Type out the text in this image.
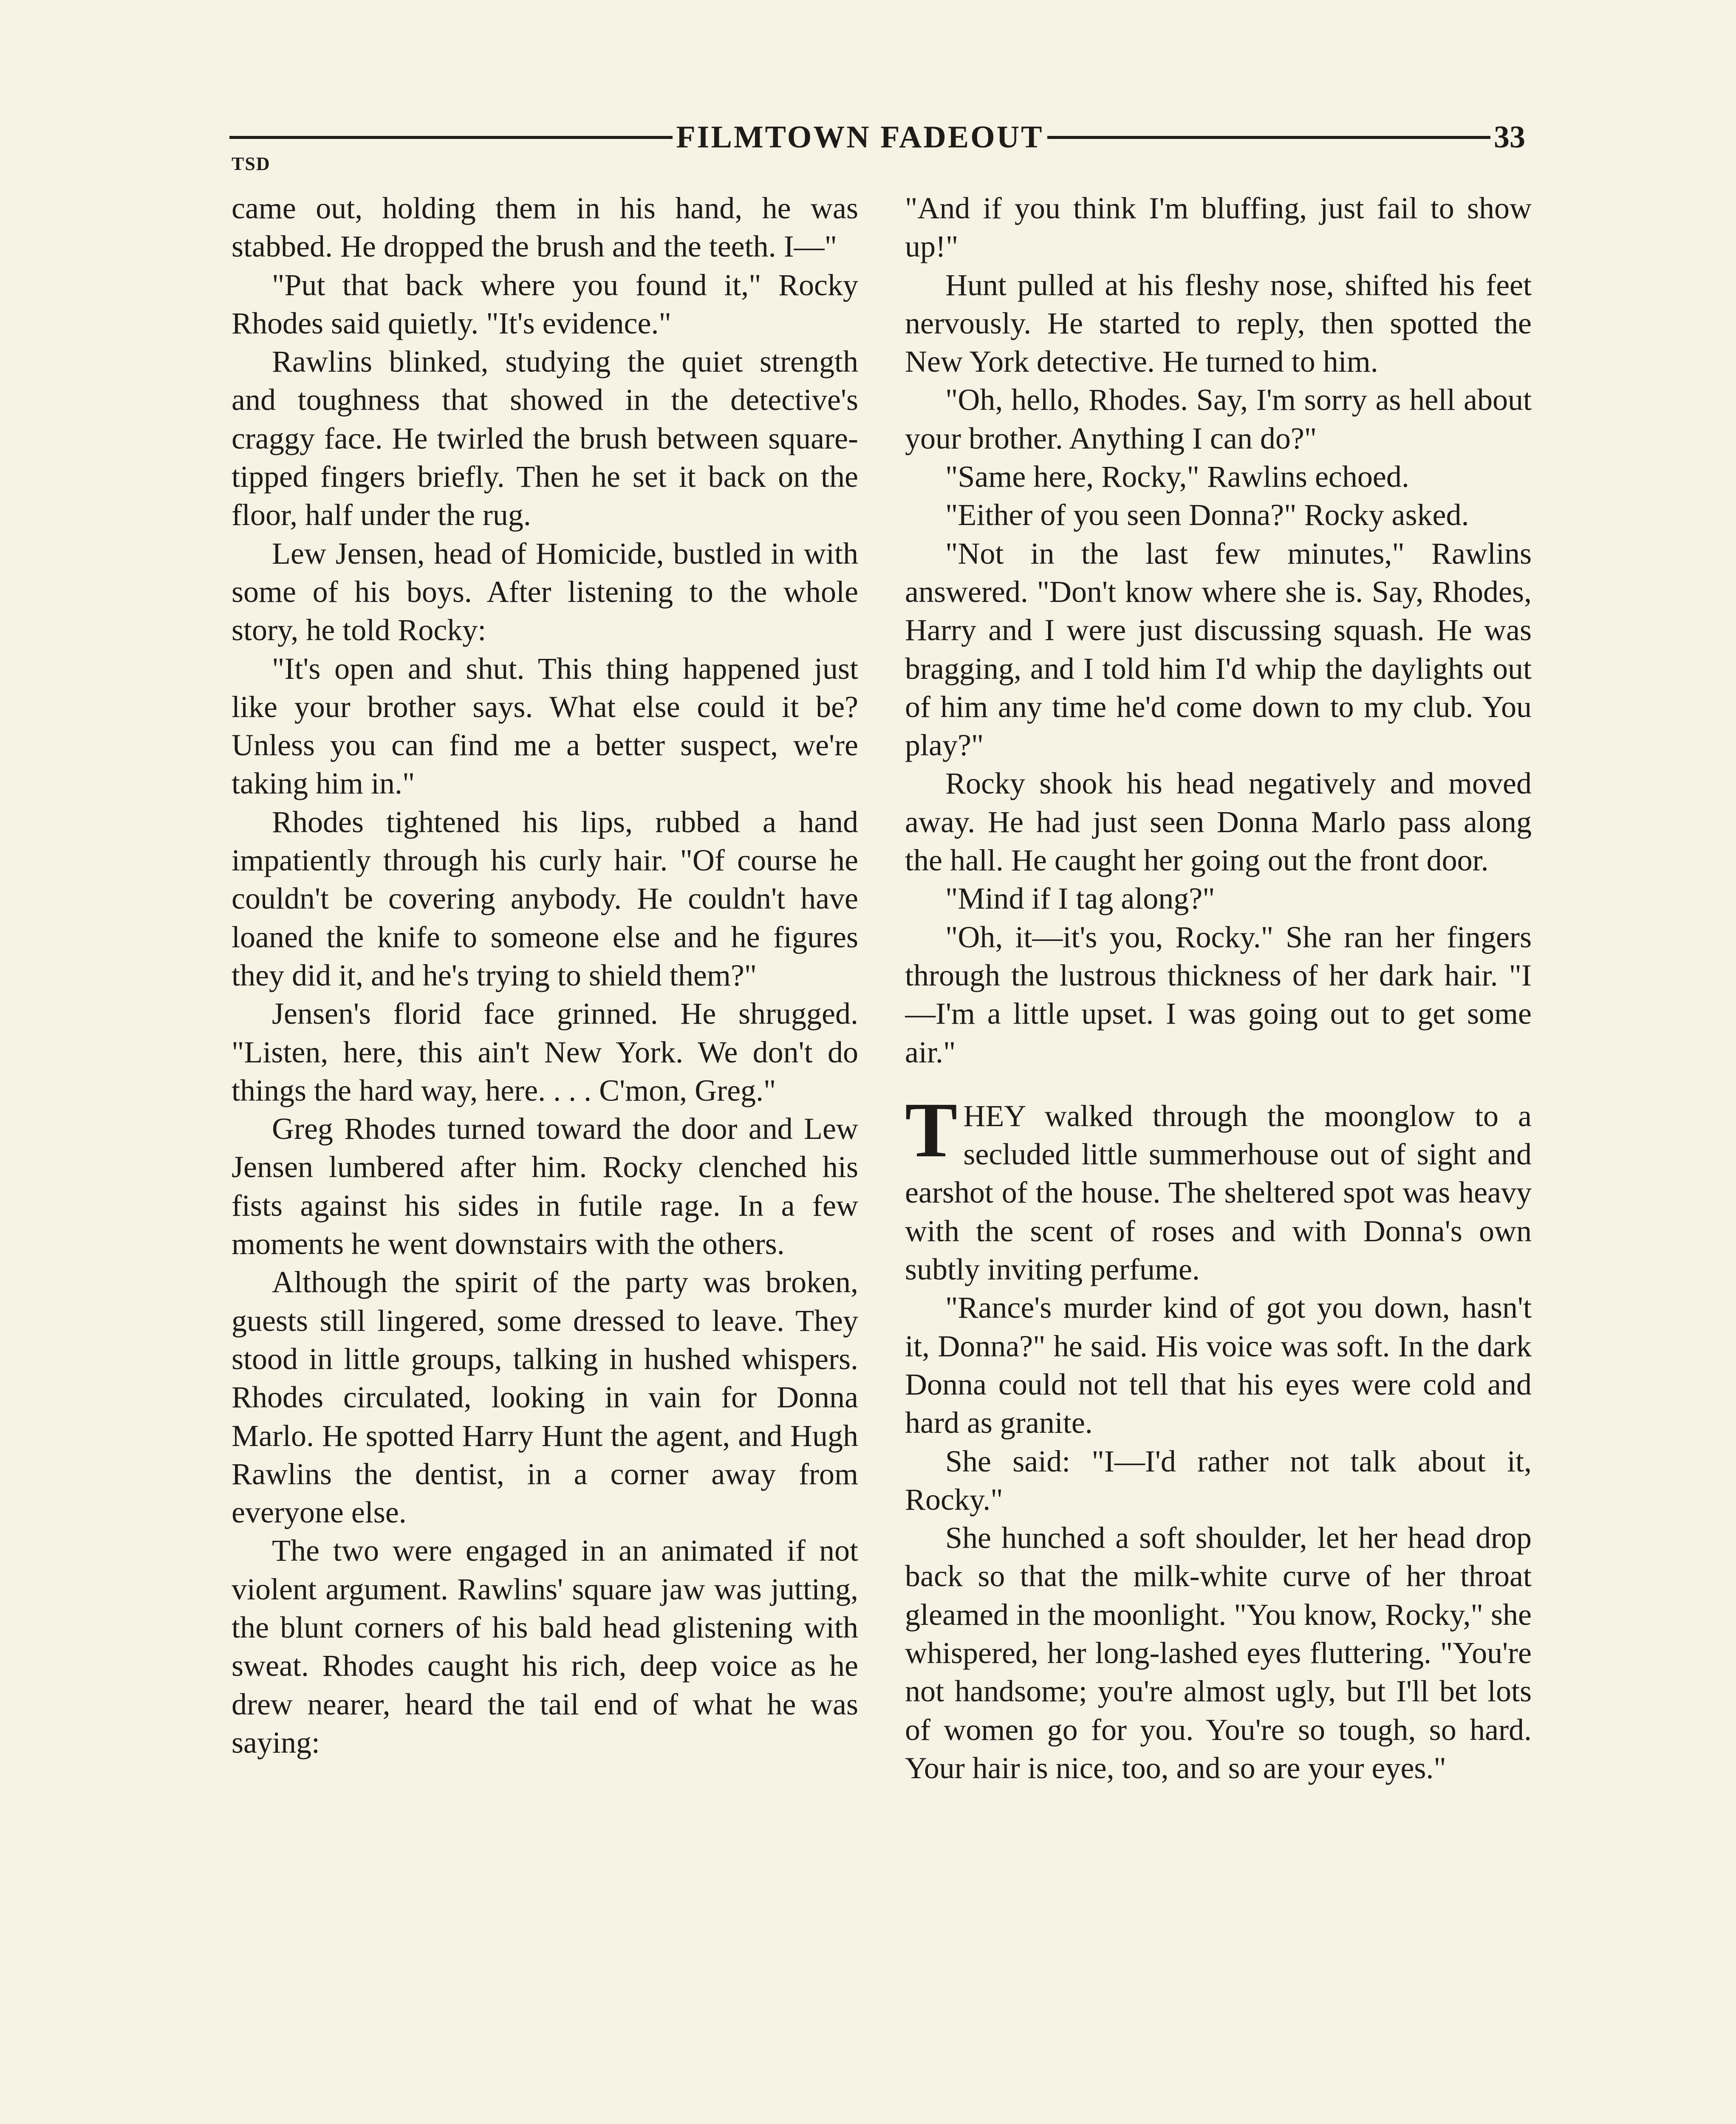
FILMTOWN FADEOUT	33
TSD

came out, holding them in his hand, he was stabbed. He dropped the brush and the teeth. I—"

"Put that back where you found it," Rocky Rhodes said quietly. "It's evidence."

Rawlins blinked, studying the quiet strength and toughness that showed in the detective's craggy face. He twirled the brush between square-tipped fingers briefly. Then he set it back on the floor, half under the rug.

Lew Jensen, head of Homicide, bustled in with some of his boys. After listening to the whole story, he told Rocky:

"It's open and shut. This thing happened just like your brother says. What else could it be? Unless you can find me a better suspect, we're taking him in."

Rhodes tightened his lips, rubbed a hand impatiently through his curly hair. "Of course he couldn't be covering anybody. He couldn't have loaned the knife to someone else and he figures they did it, and he's trying to shield them?"

Jensen's florid face grinned. He shrugged. "Listen, here, this ain't New York. We don't do things the hard way, here. . . . C'mon, Greg."

Greg Rhodes turned toward the door and Lew Jensen lumbered after him. Rocky clenched his fists against his sides in futile rage. In a few moments he went downstairs with the others.

Although the spirit of the party was broken, guests still lingered, some dressed to leave. They stood in little groups, talking in hushed whispers. Rhodes circulated, looking in vain for Donna Marlo. He spotted Harry Hunt the agent, and Hugh Rawlins the dentist, in a corner away from everyone else.

The two were engaged in an animated if not violent argument. Rawlins' square jaw was jutting, the blunt corners of his bald head glistening with sweat. Rhodes caught his rich, deep voice as he drew nearer, heard the tail end of what he was saying:

"And if you think I'm bluffing, just fail to show up!"

Hunt pulled at his fleshy nose, shifted his feet nervously. He started to reply, then spotted the New York detective. He turned to him.

"Oh, hello, Rhodes. Say, I'm sorry as hell about your brother. Anything I can do?"

"Same here, Rocky," Rawlins echoed.

"Either of you seen Donna?" Rocky asked.

"Not in the last few minutes," Rawlins answered. "Don't know where she is. Say, Rhodes, Harry and I were just discussing squash. He was bragging, and I told him I'd whip the daylights out of him any time he'd come down to my club. You play?"

Rocky shook his head negatively and moved away. He had just seen Donna Marlo pass along the hall. He caught her going out the front door.

"Mind if I tag along?"

"Oh, it—it's you, Rocky." She ran her fingers through the lustrous thickness of her dark hair. "I—I'm a little upset. I was going out to get some air."

THEY walked through the moonglow to a secluded little summerhouse out of sight and earshot of the house. The sheltered spot was heavy with the scent of roses and with Donna's own subtly inviting perfume.

"Rance's murder kind of got you down, hasn't it, Donna?" he said. His voice was soft. In the dark Donna could not tell that his eyes were cold and hard as granite.

She said: "I—I'd rather not talk about it, Rocky."

She hunched a soft shoulder, let her head drop back so that the milk-white curve of her throat gleamed in the moonlight. "You know, Rocky," she whispered, her long-lashed eyes fluttering. "You're not handsome; you're almost ugly, but I'll bet lots of women go for you. You're so tough, so hard. Your hair is nice, too, and so are your eyes."
